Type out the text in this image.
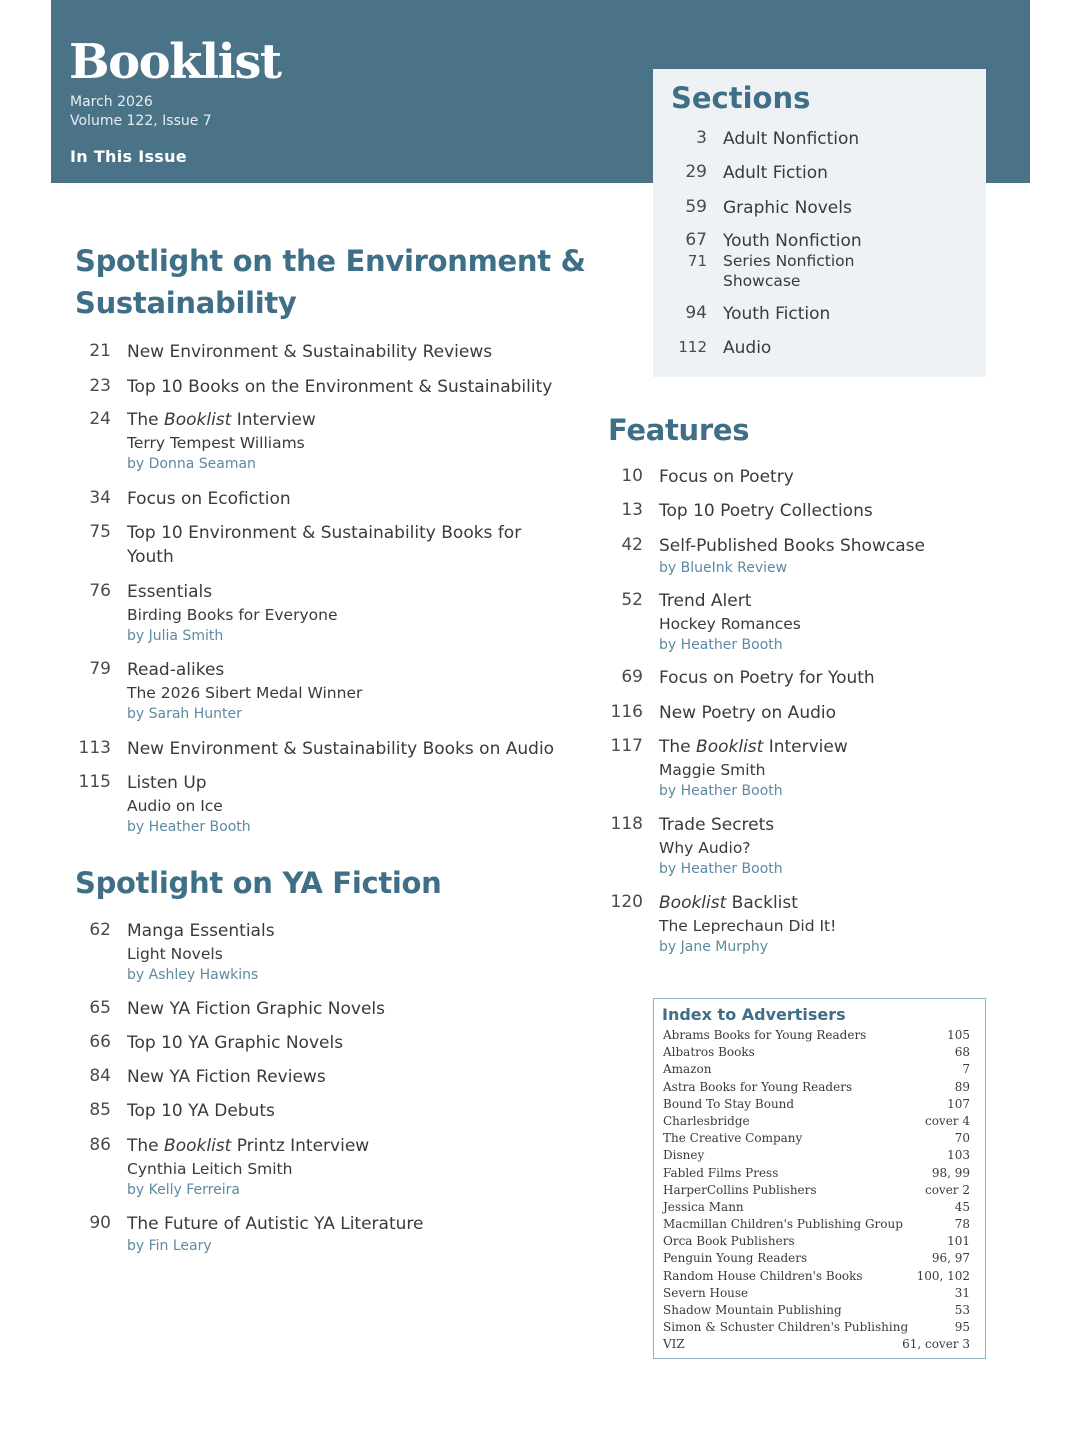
Booklist
March 2026
Volume 122, Issue 7
In This Issue
Sections
3 Adult Nonfiction
29 Adult Fiction
59 Graphic Novels
67 Youth Nonfiction
71 Series Nonfiction
Showcase
94 Youth Fiction
112 Audio
Spotlight on the Environment &
Sustainability
21 New Environment & Sustainability Reviews
23 Top 10 Books on the Environment & Sustainability
24 The Booklist Interview
Terry Tempest Williams
by Donna Seaman
34 Focus on Ecofiction
75 Top 10 Environment & Sustainability Books for Youth
76 Essentials
Birding Books for Everyone
by Julia Smith
79 Read-alikes
The 2026 Sibert Medal Winner
by Sarah Hunter
113 New Environment & Sustainability Books on Audio
115 Listen Up
Audio on Ice
by Heather Booth
Spotlight on YA Fiction
62 Manga Essentials
Light Novels
by Ashley Hawkins
65 New YA Fiction Graphic Novels
66 Top 10 YA Graphic Novels
84 New YA Fiction Reviews
85 Top 10 YA Debuts
86 The Booklist Printz Interview
Cynthia Leitich Smith
by Kelly Ferreira
90 The Future of Autistic YA Literature
by Fin Leary
Features
10 Focus on Poetry
13 Top 10 Poetry Collections
42 Self-Published Books Showcase
by BlueInk Review
52 Trend Alert
Hockey Romances
by Heather Booth
69 Focus on Poetry for Youth
116 New Poetry on Audio
117 The Booklist Interview
Maggie Smith
by Heather Booth
118 Trade Secrets
Why Audio?
by Heather Booth
120 Booklist Backlist
The Leprechaun Did It!
by Jane Murphy
Index to Advertisers
Abrams Books for Young Readers	105
Albatros Books	68
Amazon	7
Astra Books for Young Readers	89
Bound To Stay Bound	107
Charlesbridge	cover 4
The Creative Company	70
Disney	103
Fabled Films Press	98, 99
HarperCollins Publishers	cover 2
Jessica Mann	45
Macmillan Children's Publishing Group	78
Orca Book Publishers	101
Penguin Young Readers	96, 97
Random House Children's Books	100, 102
Severn House	31
Shadow Mountain Publishing	53
Simon & Schuster Children's Publishing	95
VIZ	61, cover 3
